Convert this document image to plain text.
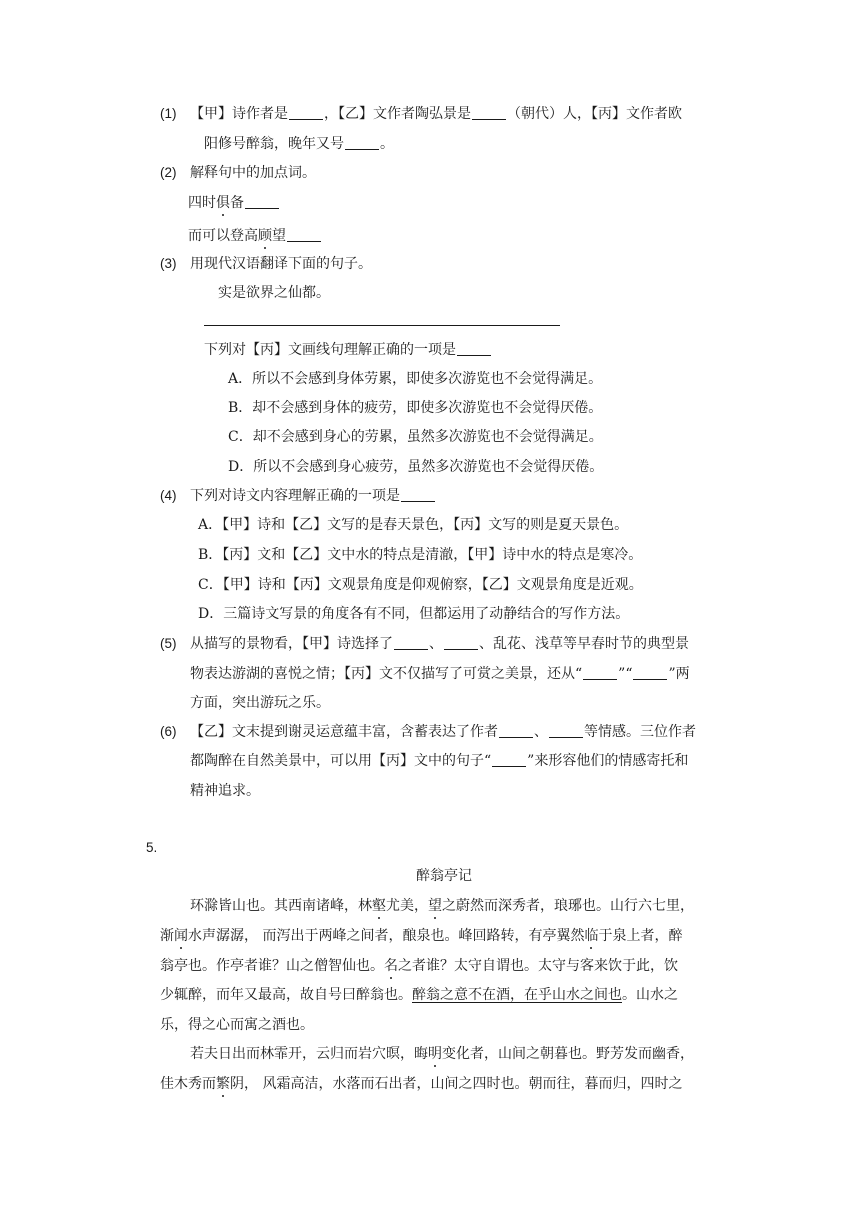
(1) 【甲】诗作者是	，【乙】文作者陶弘景是	（朝代）人，【丙】文作者欧
阳修号醉翁，晚年又号	。
(2) 解释句中的加点词。
四时俱备
而可以登高顾望
(3) 用现代汉语翻译下面的句子。
实是欲界之仙都。
下列对【丙】文画线句理解正确的一项是
A．所以不会感到身体劳累，即使多次游览也不会觉得满足。
B．却不会感到身体的疲劳，即使多次游览也不会觉得厌倦。
C．却不会感到身心的劳累，虽然多次游览也不会觉得满足。
D．所以不会感到身心疲劳，虽然多次游览也不会觉得厌倦。
(4) 下列对诗文内容理解正确的一项是
A．【甲】诗和【乙】文写的是春天景色，【丙】文写的则是夏天景色。
B．【丙】文和【乙】文中水的特点是清澈，【甲】诗中水的特点是寒冷。
C．【甲】诗和【丙】文观景角度是仰观俯察，【乙】文观景角度是近观。
D．三篇诗文写景的角度各有不同，但都运用了动静结合的写作方法。
(5) 从描写的景物看，【甲】诗选择了	、	、乱花、浅草等早春时节的典型景
物表达游湖的喜悦之情；【丙】文不仅描写了可赏之美景，还从“	”“	”两
方面，突出游玩之乐。
(6) 【乙】文末提到谢灵运意蕴丰富，含蓄表达了作者	、	等情感。三位作者
都陶醉在自然美景中，可以用【丙】文中的句子“	”来形容他们的情感寄托和
精神追求。
5.
醉翁亭记
环滁皆山也。其西南诸峰，林壑尤美，望之蔚然而深秀者，琅琊也。山行六七里，
渐闻水声潺潺， 而泻出于两峰之间者，酿泉也。峰回路转，有亭翼然临于泉上者，醉
翁亭也。作亭者谁？山之僧智仙也。名之者谁？太守自谓也。太守与客来饮于此，饮
少辄醉，而年又最高，故自号曰醉翁也。醉翁之意不在酒，在乎山水之间也。山水之
乐，得之心而寓之酒也。
若夫日出而林霏开，云归而岩穴暝，晦明变化者，山间之朝暮也。野芳发而幽香，
佳木秀而繁阴， 风霜高洁，水落而石出者，山间之四时也。朝而往，暮而归，四时之
